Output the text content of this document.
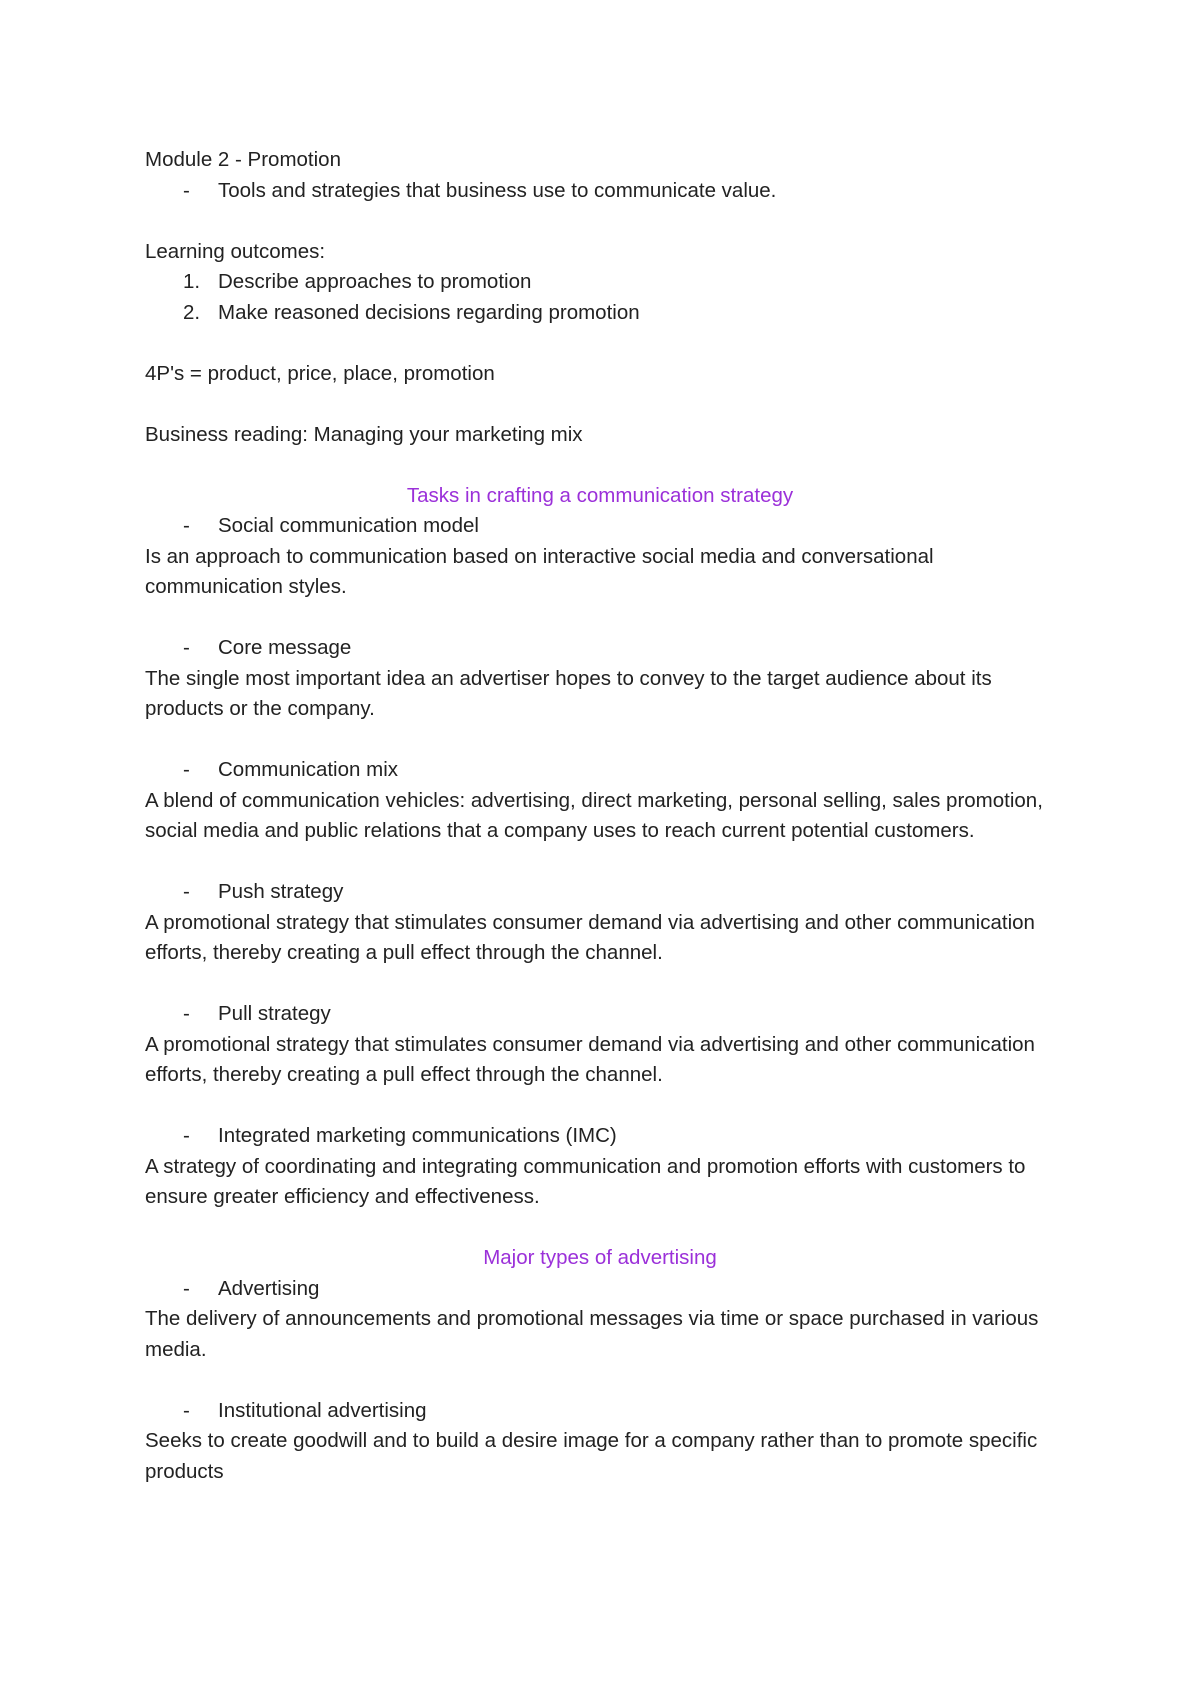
Module 2 - Promotion
-	Tools and strategies that business use to communicate value.
Learning outcomes:
1. Describe approaches to promotion
2. Make reasoned decisions regarding promotion
4P's = product, price, place, promotion
Business reading: Managing your marketing mix
Tasks in crafting a communication strategy
-	Social communication model
Is an approach to communication based on interactive social media and conversational communication styles.
-	Core message
The single most important idea an advertiser hopes to convey to the target audience about its products or the company.
-	Communication mix
A blend of communication vehicles: advertising, direct marketing, personal selling, sales promotion, social media and public relations that a company uses to reach current potential customers.
-	Push strategy
A promotional strategy that stimulates consumer demand via advertising and other communication efforts, thereby creating a pull effect through the channel.
-	Pull strategy
A promotional strategy that stimulates consumer demand via advertising and other communication efforts, thereby creating a pull effect through the channel.
-	Integrated marketing communications (IMC)
A strategy of coordinating and integrating communication and promotion efforts with customers to ensure greater efficiency and effectiveness.
Major types of advertising
-	Advertising
The delivery of announcements and promotional messages via time or space purchased in various media.
-	Institutional advertising
Seeks to create goodwill and to build a desire image for a company rather than to promote specific products
